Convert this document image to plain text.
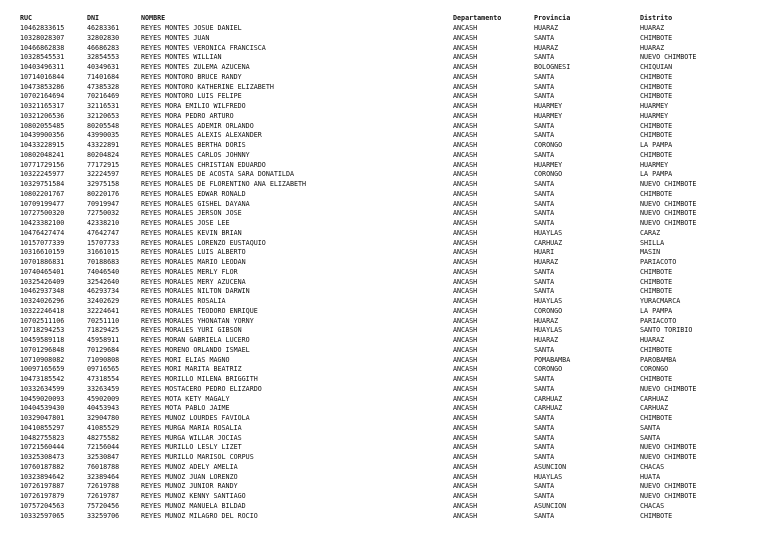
RUC	DNI	NOMBRE	Departamento	Provincia	Distrito
10462833615	46283361	REYES MONTES JOSUE DANIEL	ANCASH	HUARAZ	HUARAZ
10328028307	32802830	REYES MONTES JUAN	ANCASH	SANTA	CHIMBOTE
10466862838	46686283	REYES MONTES VERONICA FRANCISCA	ANCASH	HUARAZ	HUARAZ
10328545531	32854553	REYES MONTES WILLIAN	ANCASH	SANTA	NUEVO CHIMBOTE
10403496311	40349631	REYES MONTES ZULEMA AZUCENA	ANCASH	BOLOGNESI	CHIQUIAN
10714016844	71401684	REYES MONTORO BRUCE RANDY	ANCASH	SANTA	CHIMBOTE
10473853286	47385328	REYES MONTORO KATHERINE ELIZABETH	ANCASH	SANTA	CHIMBOTE
10702164694	70216469	REYES MONTORO LUIS FELIPE	ANCASH	SANTA	CHIMBOTE
10321165317	32116531	REYES MORA EMILIO WILFREDO	ANCASH	HUARMEY	HUARMEY
10321206536	32120653	REYES MORA PEDRO ARTURO	ANCASH	HUARMEY	HUARMEY
10802055485	80205548	REYES MORALES ADEMIR ORLANDO	ANCASH	SANTA	CHIMBOTE
10439900356	43990035	REYES MORALES ALEXIS ALEXANDER	ANCASH	SANTA	CHIMBOTE
10433228915	43322891	REYES MORALES BERTHA DORIS	ANCASH	CORONGO	LA PAMPA
10802048241	80204824	REYES MORALES CARLOS JOHNNY	ANCASH	SANTA	CHIMBOTE
10771729156	77172915	REYES MORALES CHRISTIAN EDUARDO	ANCASH	HUARMEY	HUARMEY
10322245977	32224597	REYES MORALES DE ACOSTA SARA DONATILDA	ANCASH	CORONGO	LA PAMPA
10329751584	32975158	REYES MORALES DE FLORENTINO ANA ELIZABETH	ANCASH	SANTA	NUEVO CHIMBOTE
10802201767	80220176	REYES MORALES EDWAR RONALD	ANCASH	SANTA	CHIMBOTE
10709199477	70919947	REYES MORALES GISHEL DAYANA	ANCASH	SANTA	NUEVO CHIMBOTE
10727500320	72750032	REYES MORALES JERSON JOSE	ANCASH	SANTA	NUEVO CHIMBOTE
10423382100	42338210	REYES MORALES JOSE LEE	ANCASH	SANTA	NUEVO CHIMBOTE
10476427474	47642747	REYES MORALES KEVIN BRIAN	ANCASH	HUAYLAS	CARAZ
10157077339	15707733	REYES MORALES LORENZO EUSTAQUIO	ANCASH	CARHUAZ	SHILLA
10316610159	31661015	REYES MORALES LUIS ALBERTO	ANCASH	HUARI	MASIN
10701886831	70188683	REYES MORALES MARIO LEODAN	ANCASH	HUARAZ	PARIACOTO
10740465401	74046540	REYES MORALES MERLY FLOR	ANCASH	SANTA	CHIMBOTE
10325426409	32542640	REYES MORALES MERY AZUCENA	ANCASH	SANTA	CHIMBOTE
10462937348	46293734	REYES MORALES NILTON DARWIN	ANCASH	SANTA	CHIMBOTE
10324026296	32402629	REYES MORALES ROSALIA	ANCASH	HUAYLAS	YURACMARCA
10322246418	32224641	REYES MORALES TEODORO ENRIQUE	ANCASH	CORONGO	LA PAMPA
10702511106	70251110	REYES MORALES YHONATAN YORNY	ANCASH	HUARAZ	PARIACOTO
10718294253	71829425	REYES MORALES YURI GIBSON	ANCASH	HUAYLAS	SANTO TORIBIO
10459589118	45958911	REYES MORAN GABRIELA LUCERO	ANCASH	HUARAZ	HUARAZ
10701296848	70129684	REYES MORENO ORLANDO ISMAEL	ANCASH	SANTA	CHIMBOTE
10710908082	71090808	REYES MORI ELIAS MAGNO	ANCASH	POMABAMBA	PAROBAMBA
10097165659	09716565	REYES MORI MARITA BEATRIZ	ANCASH	CORONGO	CORONGO
10473185542	47318554	REYES MORILLO MILENA BRIGGITH	ANCASH	SANTA	CHIMBOTE
10332634599	33263459	REYES MOSTACERO PEDRO ELIZARDO	ANCASH	SANTA	NUEVO CHIMBOTE
10459020093	45902009	REYES MOTA KETY MAGALY	ANCASH	CARHUAZ	CARHUAZ
10404539430	40453943	REYES MOTA PABLO JAIME	ANCASH	CARHUAZ	CARHUAZ
10329047801	32904780	REYES MUNOZ LOURDES FAVIOLA	ANCASH	SANTA	CHIMBOTE
10410855297	41085529	REYES MURGA MARIA ROSALIA	ANCASH	SANTA	SANTA
10482755823	48275582	REYES MURGA WILLAR JOCIAS	ANCASH	SANTA	SANTA
10721560444	72156044	REYES MURILLO LESLY LIZET	ANCASH	SANTA	NUEVO CHIMBOTE
10325308473	32530847	REYES MURILLO MARISOL CORPUS	ANCASH	SANTA	NUEVO CHIMBOTE
10760187882	76018788	REYES MUÑOZ ADELY AMELIA	ANCASH	ASUNCION	CHACAS
10323894642	32389464	REYES MUÑOZ JUAN LORENZO	ANCASH	HUAYLAS	HUATA
10726197887	72619788	REYES MUÑOZ JUNIOR RANDY	ANCASH	SANTA	NUEVO CHIMBOTE
10726197879	72619787	REYES MUÑOZ KENNY SANTIAGO	ANCASH	SANTA	NUEVO CHIMBOTE
10757204563	75720456	REYES MUÑOZ MANUELA BILDAD	ANCASH	ASUNCION	CHACAS
10332597065	33259706	REYES MUÑOZ MILAGRO DEL ROCIO	ANCASH	SANTA	CHIMBOTE
